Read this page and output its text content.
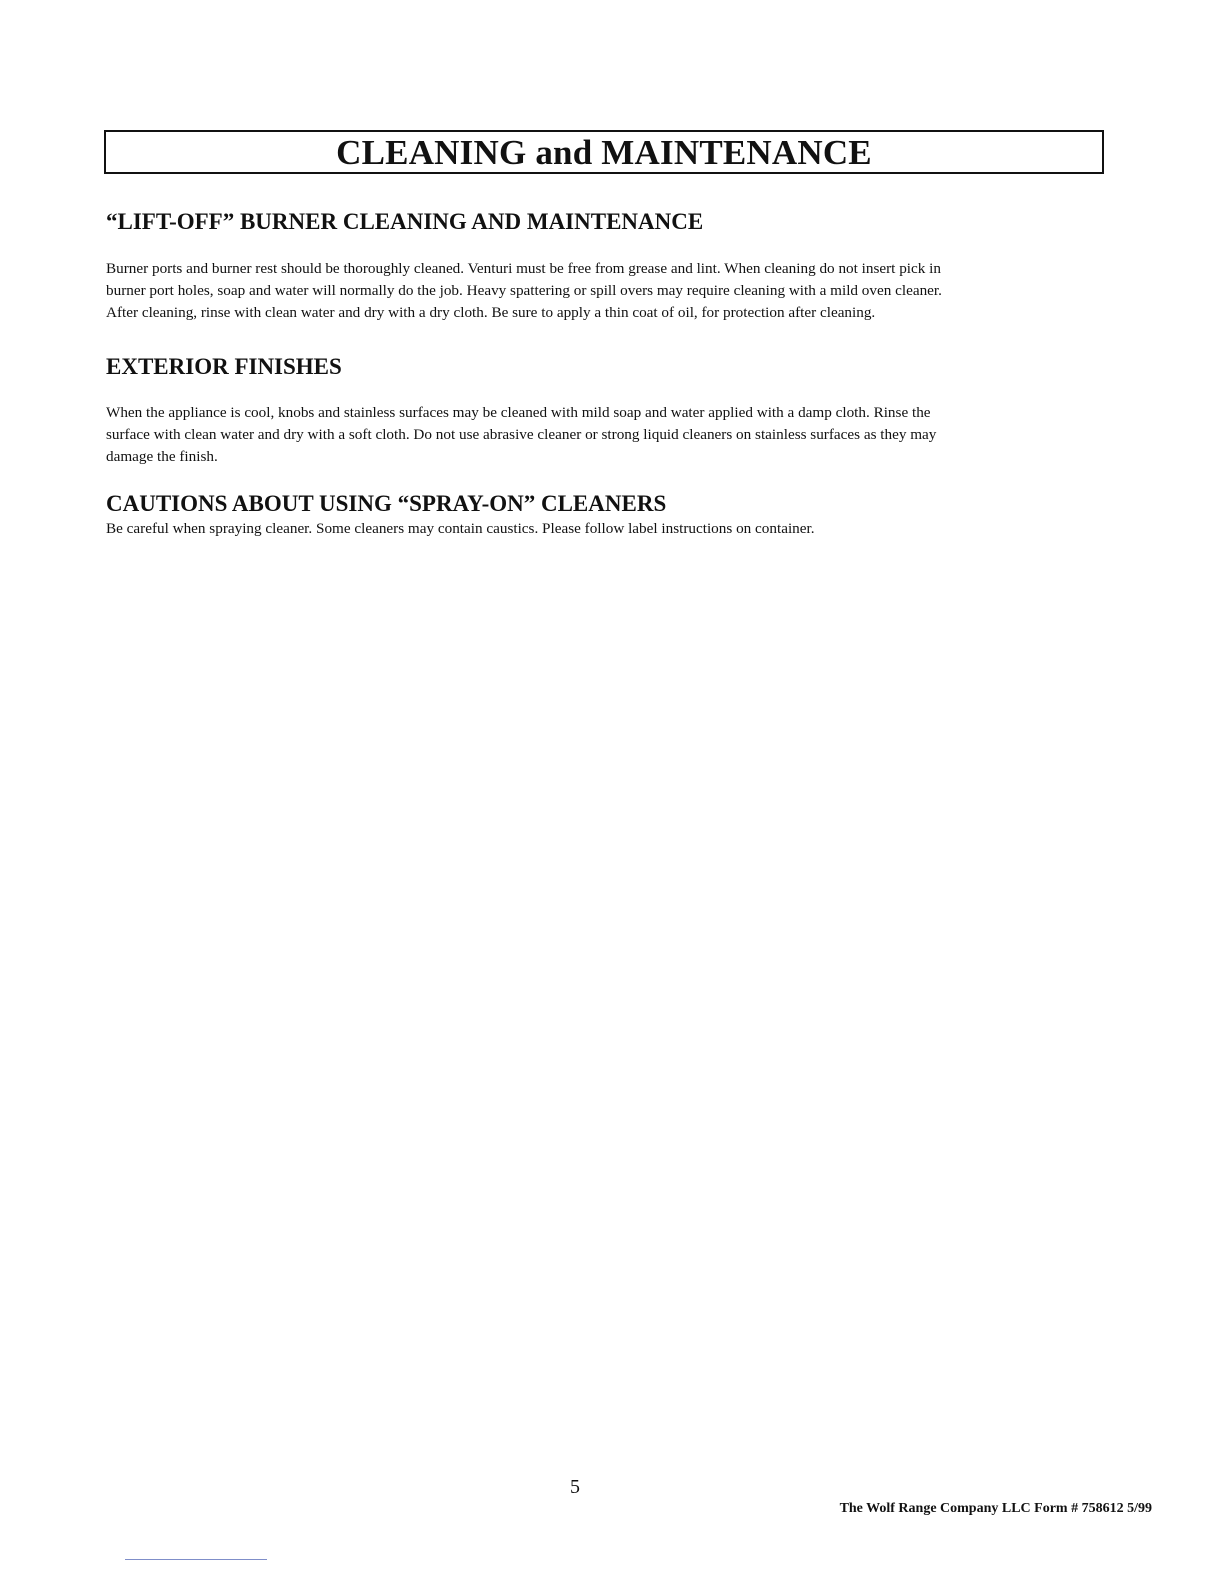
CLEANING and MAINTENANCE
“LIFT-OFF” BURNER CLEANING AND MAINTENANCE

Burner ports and burner rest should be thoroughly cleaned. Venturi must be free from grease and lint. When cleaning do not insert pick in
burner port holes, soap and water will normally do the job. Heavy spattering or spill overs may require cleaning with a mild oven cleaner.
After cleaning, rinse with clean water and dry with a dry cloth. Be sure to apply a thin coat of oil, for protection after cleaning.

EXTERIOR FINISHES

When the appliance is cool, knobs and stainless surfaces may be cleaned with mild soap and water applied with a damp cloth. Rinse the
surface with clean water and dry with a soft cloth. Do not use abrasive cleaner or strong liquid cleaners on stainless surfaces as they may
damage the finish.

CAUTIONS ABOUT USING “SPRAY-ON” CLEANERS

Be careful when spraying cleaner. Some cleaners may contain caustics. Please follow label instructions on container.

5
The Wolf Range Company LLC Form # 758612 5/99
